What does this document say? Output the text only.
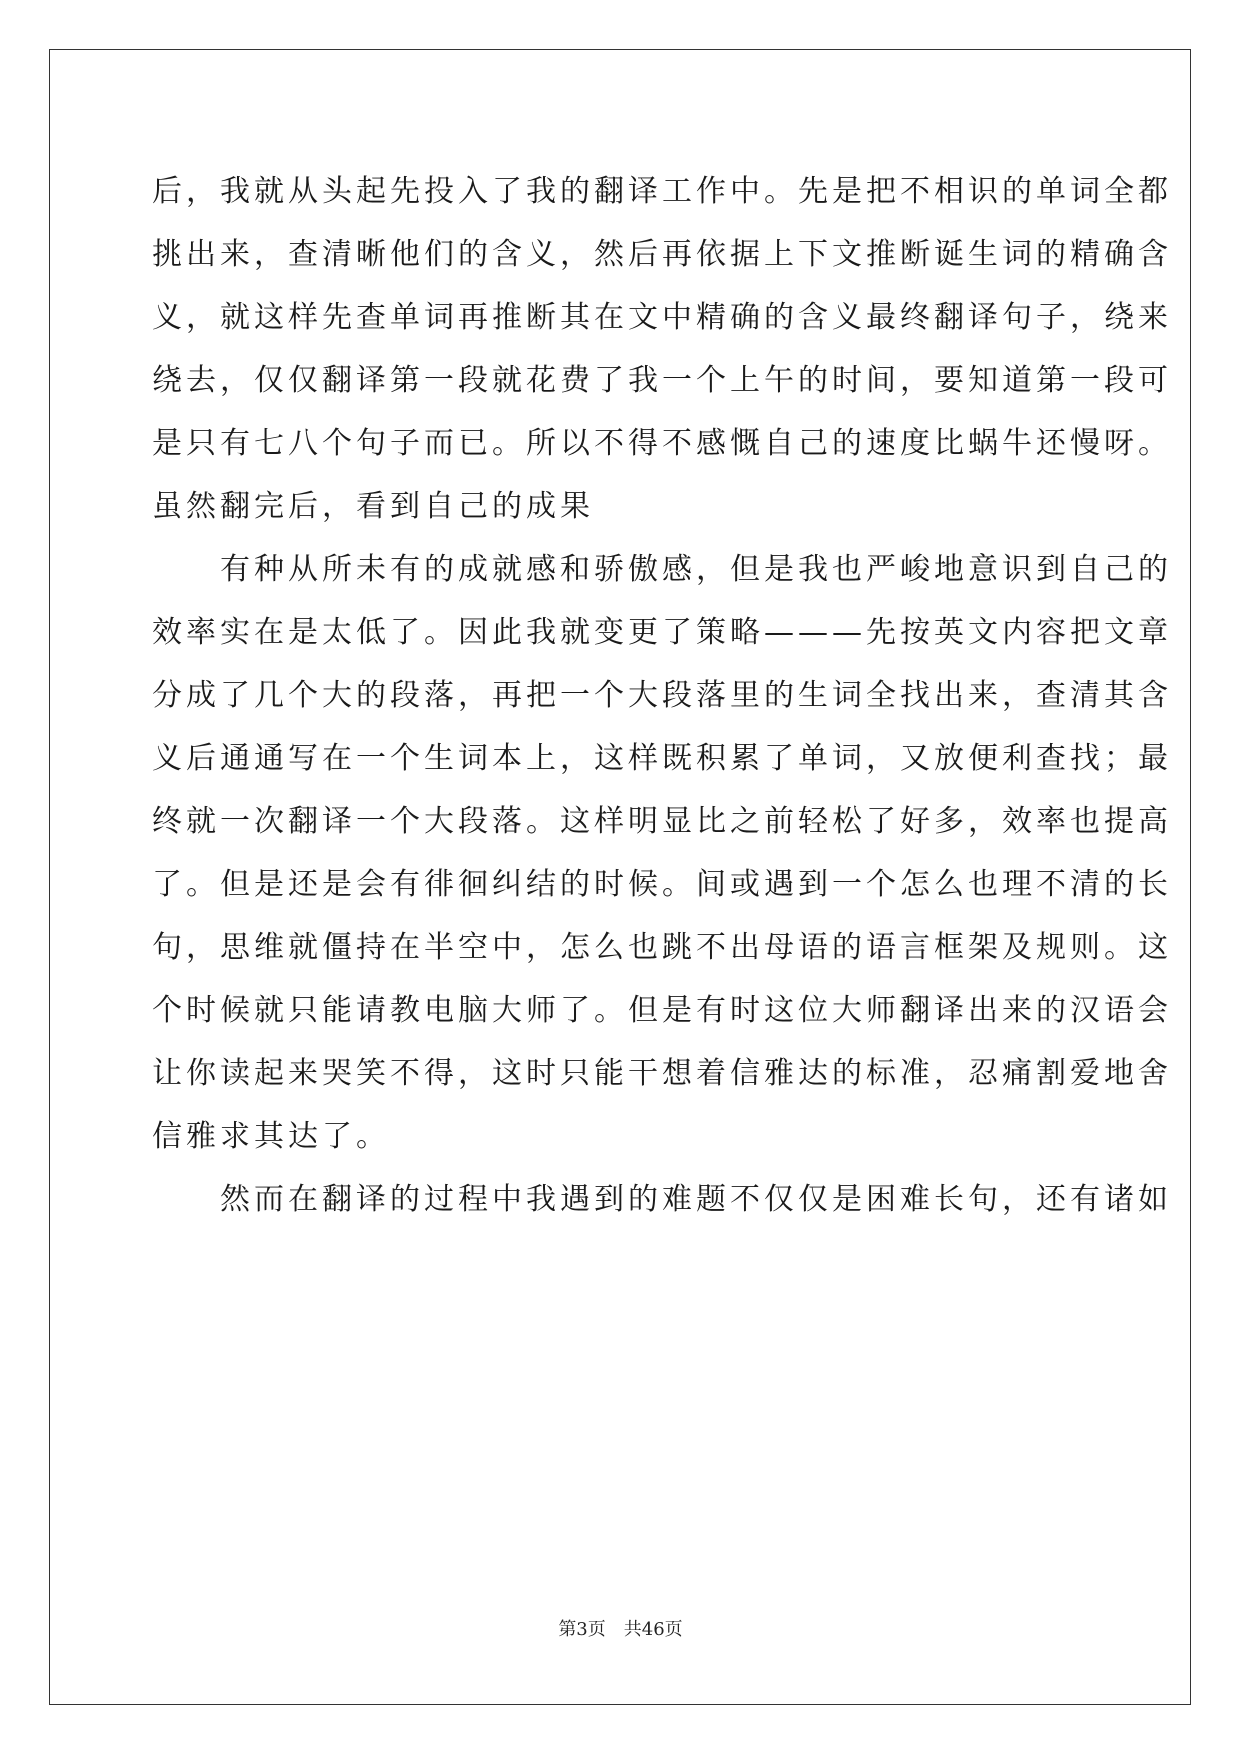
后，我就从头起先投入了我的翻译工作中。先是把不相识的单词全都
挑出来，查清晰他们的含义，然后再依据上下文推断诞生词的精确含
义，就这样先查单词再推断其在文中精确的含义最终翻译句子，绕来
绕去，仅仅翻译第一段就花费了我一个上午的时间，要知道第一段可
是只有七八个句子而已。所以不得不感慨自己的速度比蜗牛还慢呀。
虽然翻完后，看到自己的成果
　　有种从所未有的成就感和骄傲感，但是我也严峻地意识到自己的
效率实在是太低了。因此我就变更了策略———先按英文内容把文章
分成了几个大的段落，再把一个大段落里的生词全找出来，查清其含
义后通通写在一个生词本上，这样既积累了单词，又放便利查找；最
终就一次翻译一个大段落。这样明显比之前轻松了好多，效率也提高
了。但是还是会有徘徊纠结的时候。间或遇到一个怎么也理不清的长
句，思维就僵持在半空中，怎么也跳不出母语的语言框架及规则。这
个时候就只能请教电脑大师了。但是有时这位大师翻译出来的汉语会
让你读起来哭笑不得，这时只能干想着信雅达的标准，忍痛割爱地舍
信雅求其达了。
　　然而在翻译的过程中我遇到的难题不仅仅是困难长句，还有诸如
第3页 共46页
